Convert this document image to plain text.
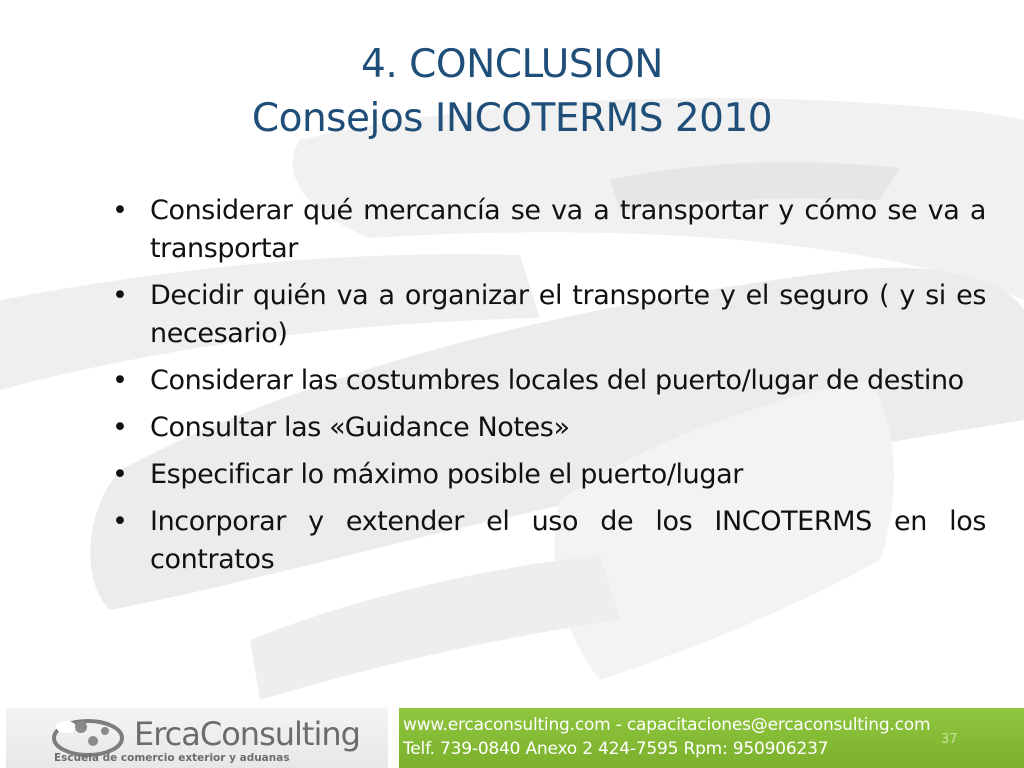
4. CONCLUSION
Consejos INCOTERMS 2010
• Considerar qué mercancía se va a transportar y cómo se va a transportar
• Decidir quién va a organizar el transporte y el seguro ( y si es necesario)
• Considerar las costumbres locales del puerto/lugar de destino
• Consultar las «Guidance Notes»
• Especificar lo máximo posible el puerto/lugar
• Incorporar y extender el uso de los INCOTERMS en los contratos
ErcaConsulting
Escuela de comercio exterior y aduanas
www.ercaconsulting.com - capacitaciones@ercaconsulting.com
Telf. 739-0840 Anexo 2 424-7595 Rpm: 950906237	37
